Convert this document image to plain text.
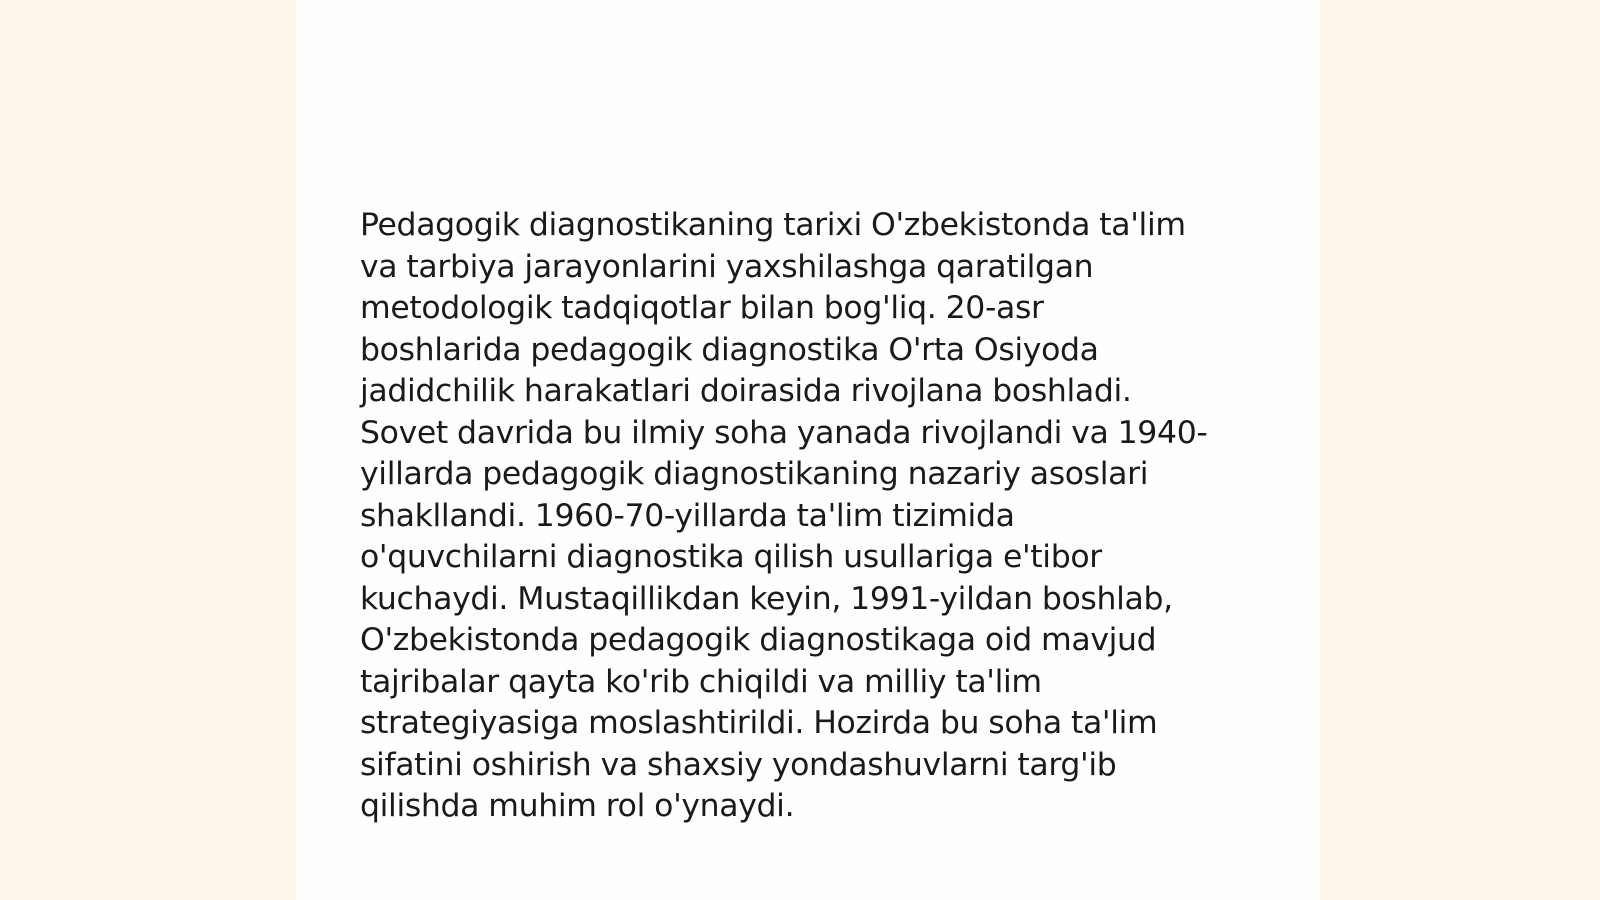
Pedagogik diagnostikaning tarixi O'zbekistonda ta'lim
va tarbiya jarayonlarini yaxshilashga qaratilgan
metodologik tadqiqotlar bilan bog'liq. 20-asr
boshlarida pedagogik diagnostika O'rta Osiyoda
jadidchilik harakatlari doirasida rivojlana boshladi.
Sovet davrida bu ilmiy soha yanada rivojlandi va 1940-
yillarda pedagogik diagnostikaning nazariy asoslari
shakllandi. 1960-70-yillarda ta'lim tizimida
o'quvchilarni diagnostika qilish usullariga e'tibor
kuchaydi. Mustaqillikdan keyin, 1991-yildan boshlab,
O'zbekistonda pedagogik diagnostikaga oid mavjud
tajribalar qayta ko'rib chiqildi va milliy ta'lim
strategiyasiga moslashtirildi. Hozirda bu soha ta'lim
sifatini oshirish va shaxsiy yondashuvlarni targ'ib
qilishda muhim rol o'ynaydi.
